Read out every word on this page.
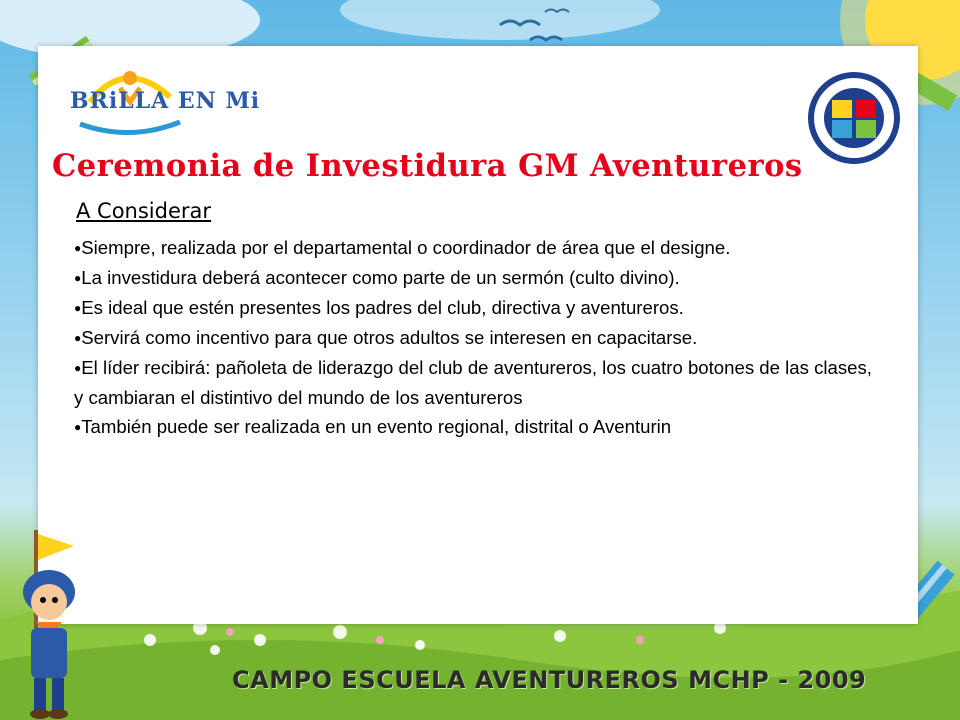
BRiLLA EN Mi
Ceremonia de Investidura GM Aventureros
A Considerar
● Siempre, realizada por el departamental o coordinador de área que el designe.
● La investidura deberá acontecer como parte de un sermón (culto divino).
● Es ideal que estén presentes los padres del club, directiva y aventureros.
● Servirá como incentivo para que otros adultos se interesen en capacitarse.
● El líder recibirá: pañoleta de liderazgo del club de aventureros, los cuatro botones de las clases, y cambiaran el distintivo del mundo de los aventureros
● También puede ser realizada en un evento regional, distrital o Aventurin
CAMPO ESCUELA AVENTUREROS MCHP - 2009
